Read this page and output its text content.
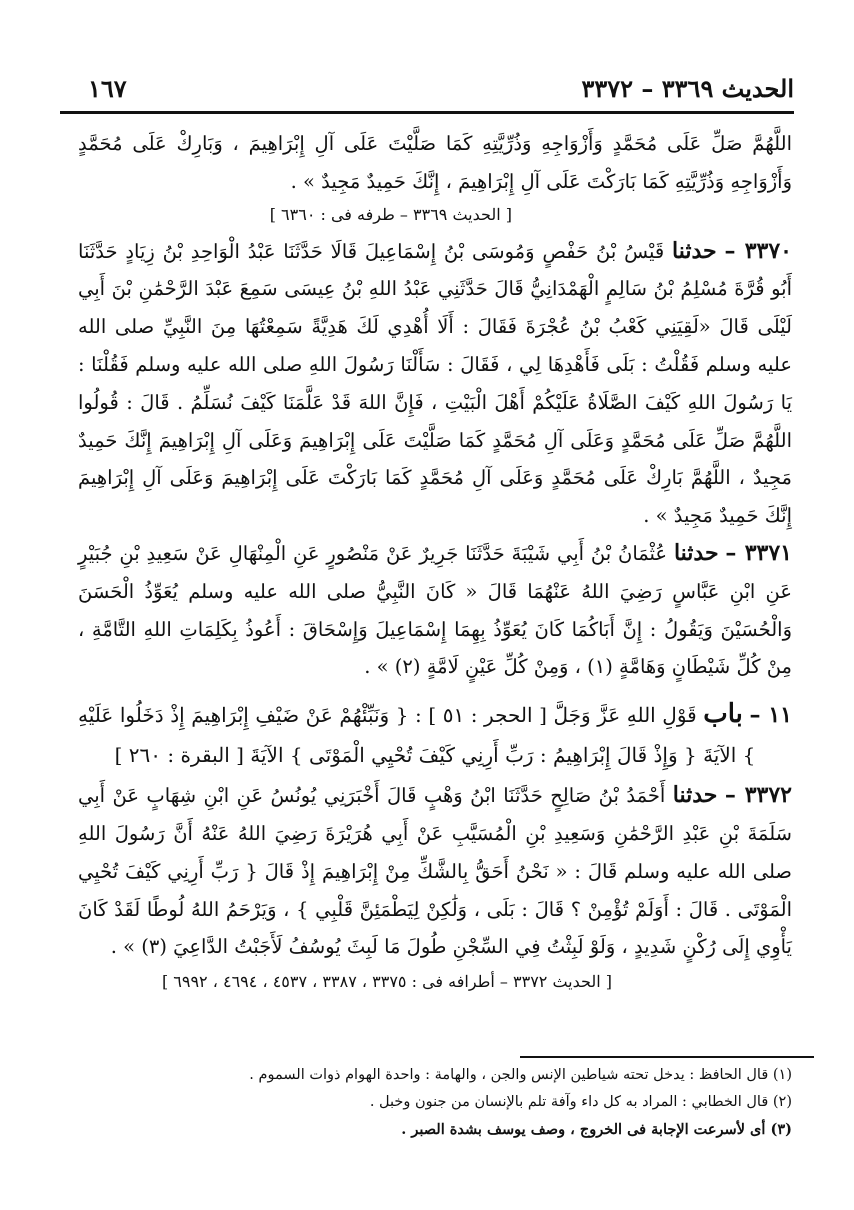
١٦٧	الحديث ٣٣٦٩ – ٣٣٧٢

اللَّهُمَّ صَلِّ عَلَى مُحَمَّدٍ وَأَزْوَاجِهِ وَذُرِّيَّتِهِ كَمَا صَلَّيْتَ عَلَى آلِ إِبْرَاهِيمَ ، وَبَارِكْ عَلَى مُحَمَّدٍ وَأَزْوَاجِهِ وَذُرِّيَّتِهِ كَمَا بَارَكْتَ عَلَى آلِ إِبْرَاهِيمَ ، إِنَّكَ حَمِيدٌ مَجِيدٌ » .

[ الحديث ٣٣٦٩ – طرفه فى : ٦٣٦٠ ]

٣٣٧٠ – حدثنا قَيْسُ بْنُ حَفْصٍ وَمُوسَى بْنُ إِسْمَاعِيلَ قَالَا حَدَّثَنَا عَبْدُ الْوَاحِدِ بْنُ زِيَادٍ حَدَّثَنَا أَبُو قُرَّةَ مُسْلِمُ بْنُ سَالِمٍ الْهَمْدَانِيُّ قَالَ حَدَّثَنِي عَبْدُ اللهِ بْنُ عِيسَى سَمِعَ عَبْدَ الرَّحْمَٰنِ بْنَ أَبِي لَيْلَى قَالَ «لَقِيَنِي كَعْبُ بْنُ عُجْرَةَ فَقَالَ : أَلَا أُهْدِي لَكَ هَدِيَّةً سَمِعْتُهَا مِنَ النَّبِيِّ صلى الله عليه وسلم فَقُلْتُ : بَلَى فَأَهْدِهَا لِي ، فَقَالَ : سَأَلْنَا رَسُولَ اللهِ صلى الله عليه وسلم فَقُلْنَا : يَا رَسُولَ اللهِ كَيْفَ الصَّلَاةُ عَلَيْكُمْ أَهْلَ الْبَيْتِ ، فَإِنَّ اللهَ قَدْ عَلَّمَنَا كَيْفَ نُسَلِّمُ . قَالَ : قُولُوا اللَّهُمَّ صَلِّ عَلَى مُحَمَّدٍ وَعَلَى آلِ مُحَمَّدٍ كَمَا صَلَّيْتَ عَلَى إِبْرَاهِيمَ وَعَلَى آلِ إِبْرَاهِيمَ إِنَّكَ حَمِيدٌ مَجِيدٌ ، اللَّهُمَّ بَارِكْ عَلَى مُحَمَّدٍ وَعَلَى آلِ مُحَمَّدٍ كَمَا بَارَكْتَ عَلَى إِبْرَاهِيمَ وَعَلَى آلِ إِبْرَاهِيمَ إِنَّكَ حَمِيدٌ مَجِيدٌ » .

٣٣٧١ – حدثنا عُثْمَانُ بْنُ أَبِي شَيْبَةَ حَدَّثَنَا جَرِيرٌ عَنْ مَنْصُورٍ عَنِ الْمِنْهَالِ عَنْ سَعِيدِ بْنِ جُبَيْرٍ عَنِ ابْنِ عَبَّاسٍ رَضِيَ اللهُ عَنْهُمَا قَالَ « كَانَ النَّبِيُّ صلى الله عليه وسلم يُعَوِّذُ الْحَسَنَ وَالْحُسَيْنَ وَيَقُولُ : إِنَّ أَبَاكُمَا كَانَ يُعَوِّذُ بِهِمَا إِسْمَاعِيلَ وَإِسْحَاقَ : أَعُوذُ بِكَلِمَاتِ اللهِ التَّامَّةِ ، مِنْ كُلِّ شَيْطَانٍ وَهَامَّةٍ (١) ، وَمِنْ كُلِّ عَيْنٍ لَامَّةٍ (٢) » .

١١ – باب قَوْلِ اللهِ عَزَّ وَجَلَّ [ الحجر : ٥١ ] : { وَنَبِّئْهُمْ عَنْ ضَيْفِ إِبْرَاهِيمَ إِذْ دَخَلُوا عَلَيْهِ } الآيَةَ { وَإِذْ قَالَ إِبْرَاهِيمُ : رَبِّ أَرِنِي كَيْفَ تُحْيِي الْمَوْتَى } الآيَةَ [ البقرة : ٢٦٠ ]

٣٣٧٢ – حدثنا أَحْمَدُ بْنُ صَالِحٍ حَدَّثَنَا ابْنُ وَهْبٍ قَالَ أَخْبَرَنِي يُونُسُ عَنِ ابْنِ شِهَابٍ عَنْ أَبِي سَلَمَةَ بْنِ عَبْدِ الرَّحْمَٰنِ وَسَعِيدِ بْنِ الْمُسَيَّبِ عَنْ أَبِي هُرَيْرَةَ رَضِيَ اللهُ عَنْهُ أَنَّ رَسُولَ اللهِ صلى الله عليه وسلم قَالَ : « نَحْنُ أَحَقُّ بِالشَّكِّ مِنْ إِبْرَاهِيمَ إِذْ قَالَ { رَبِّ أَرِنِي كَيْفَ تُحْيِي الْمَوْتَى . قَالَ : أَوَلَمْ تُؤْمِنْ ؟ قَالَ : بَلَى ، وَلَٰكِنْ لِيَطْمَئِنَّ قَلْبِي } ، وَيَرْحَمُ اللهُ لُوطًا لَقَدْ كَانَ يَأْوِي إِلَى رُكْنٍ شَدِيدٍ ، وَلَوْ لَبِثْتُ فِي السِّجْنِ طُولَ مَا لَبِثَ يُوسُفُ لَأَجَبْتُ الدَّاعِيَ (٣) » .

[ الحديث ٣٣٧٢ – أطرافه فى : ٣٣٧٥ ، ٣٣٨٧ ، ٤٥٣٧ ، ٤٦٩٤ ، ٦٩٩٢ ]

(١) قال الحافظ : يدخل تحته شياطين الإنس والجن ، والهامة : واحدة الهوام ذوات السموم .

(٢) قال الخطابي : المراد به كل داء وآفة تلم بالإنسان من جنون وخبل .

(٣) أى لأسرعت الإجابة فى الخروج ، وصف يوسف بشدة الصبر .
